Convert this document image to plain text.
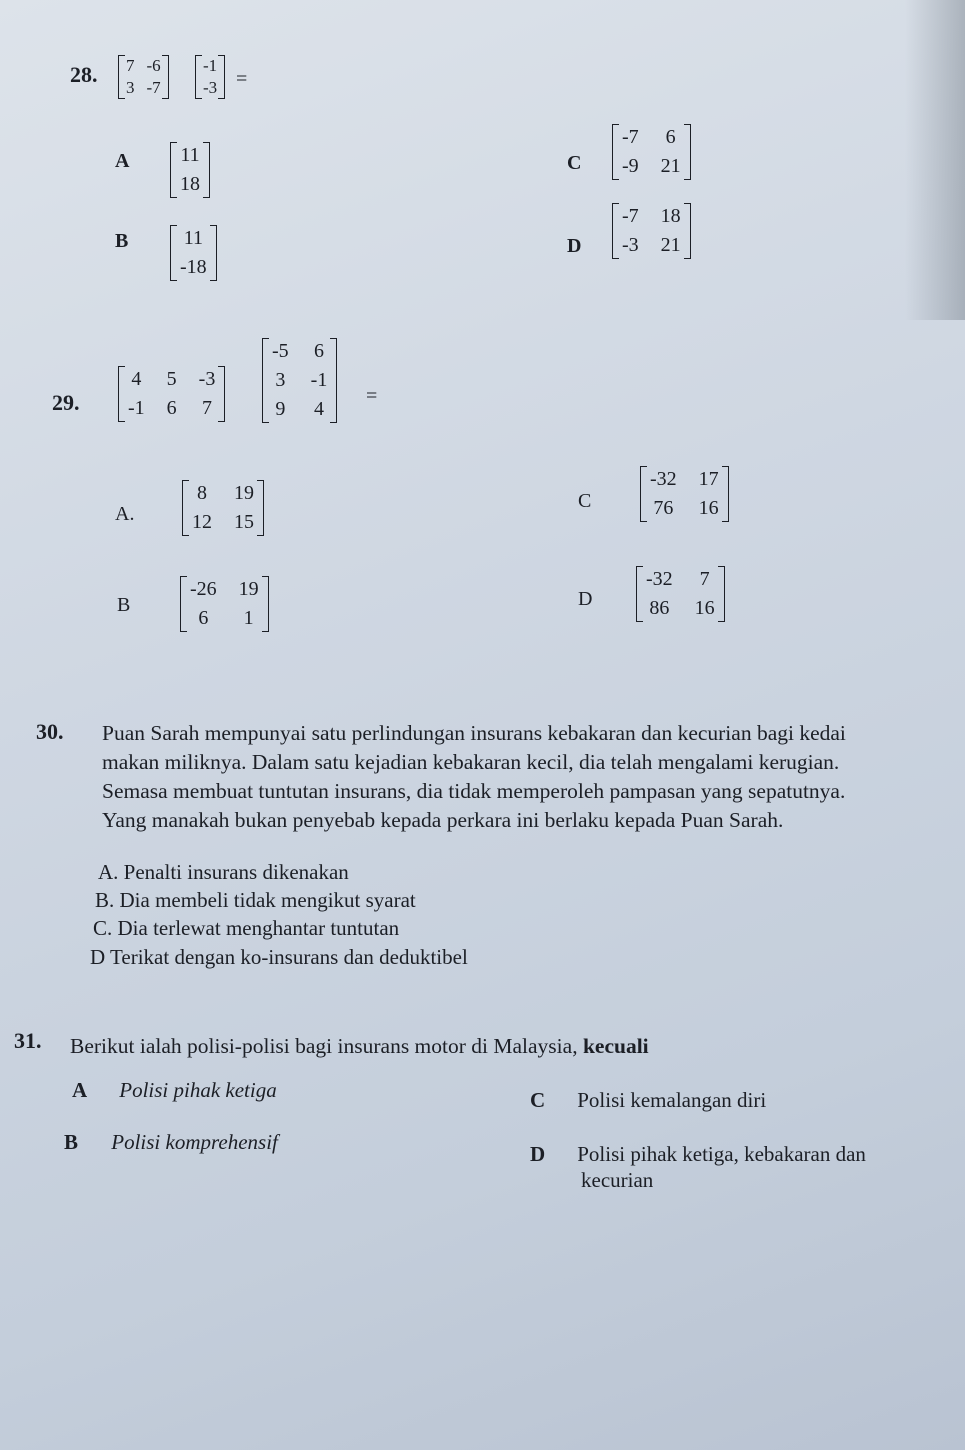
28. 7 -6
3 -7
-1
-3 =
A	11
18
B	11
-18
C
-7 6
-9 21
D
-7 18
-3 21
29.
4 5 -3
-1 6 7
-5 6
3 -1
9 4
=
A.
8 19
12 15
B
-26 19
6	1
C
-32 17
76 16
D
-32 7
86 16
30. Puan Sarah mempunyai satu perlindungan insurans kebakaran dan kecurian bagi kedai
makan miliknya. Dalam satu kejadian kebakaran kecil, dia telah mengalami kerugian.
Semasa membuat tuntutan insurans, dia tidak memperoleh pampasan yang sepatutnya.
Yang manakah bukan penyebab kepada perkara ini berlaku kepada Puan Sarah.
A. Penalti insurans dikenakan
B. Dia membeli tidak mengikut syarat
C. Dia terlewat menghantar tuntutan
D Terikat dengan ko-insurans dan deduktibel
31. Berikut ialah polisi-polisi bagi insurans motor di Malaysia, kecuali
A Polisi pihak ketiga
B Polisi komprehensif
C Polisi kemalangan diri
D Polisi pihak ketiga, kebakaran dan
kecurian
